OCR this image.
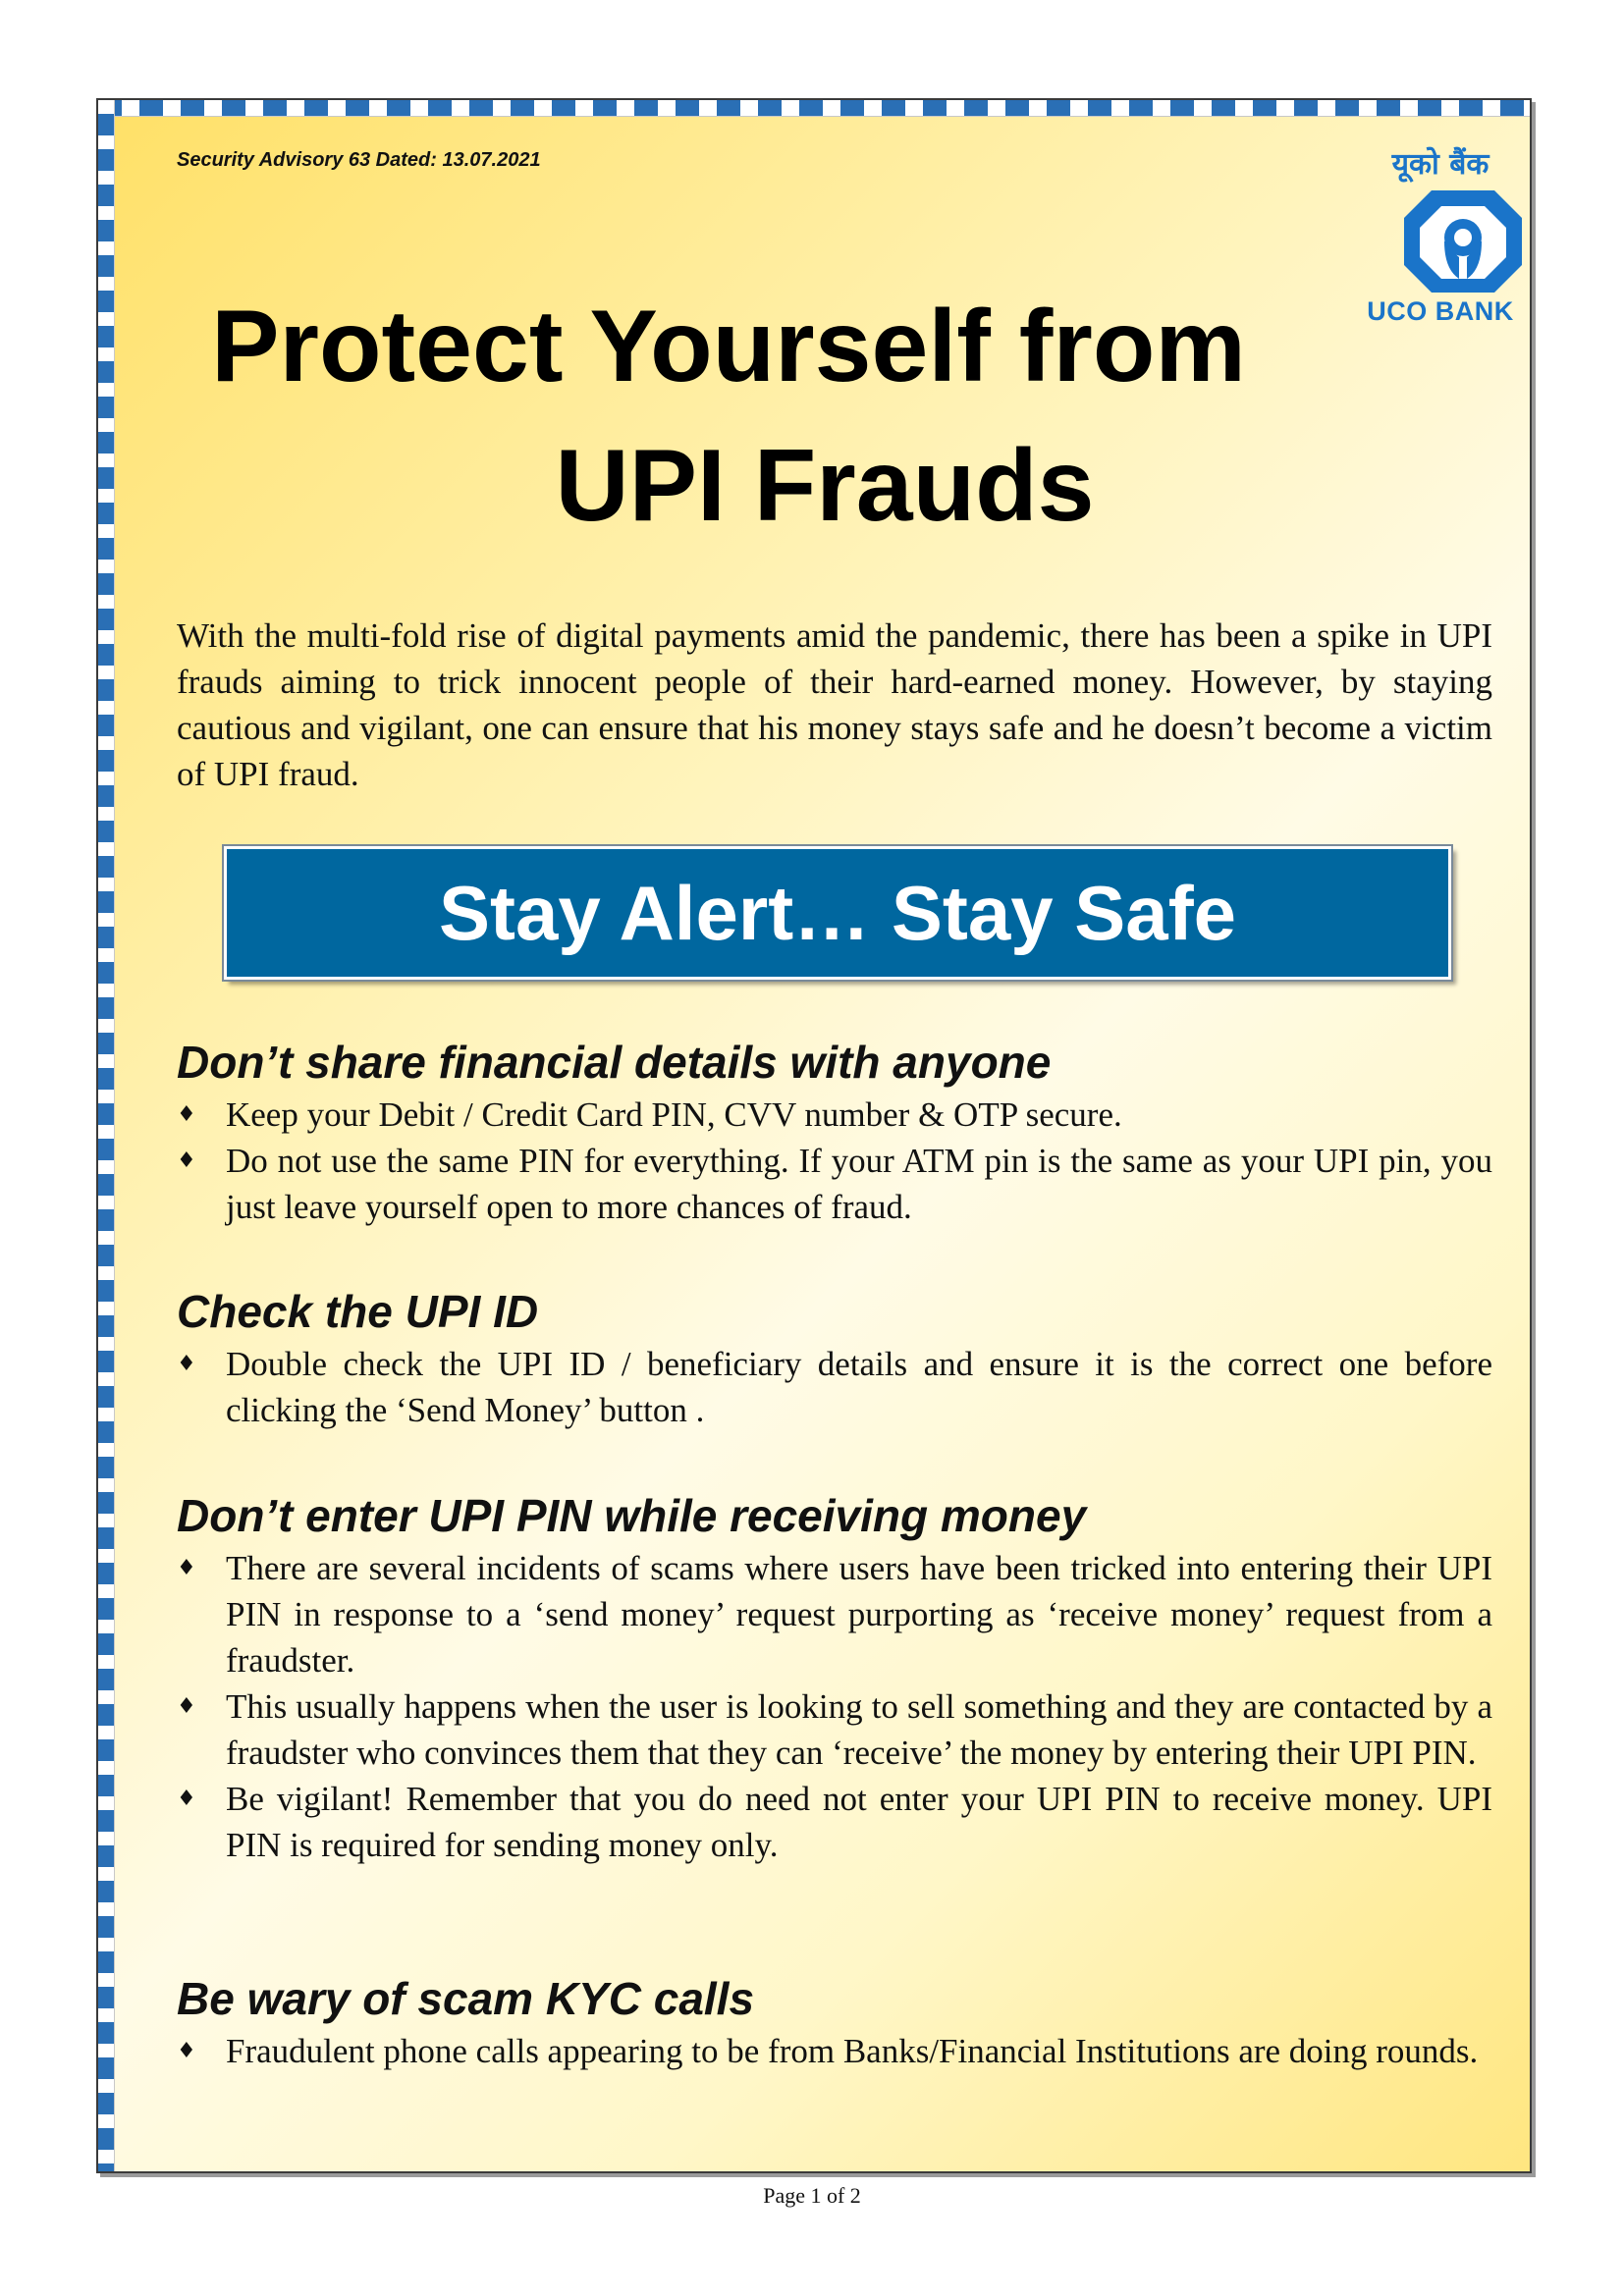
Security Advisory 63 Dated: 13.07.2021	यूको बैंक
UCO BANK
Protect Yourself from
UPI Frauds

With the multi-fold rise of digital payments amid the pandemic, there has been a spike in UPI frauds aiming to trick innocent people of their hard-earned money. However, by staying cautious and vigilant, one can ensure that his money stays safe and he doesn’t become a victim of UPI fraud.

Stay Alert… Stay Safe
Don’t share financial details with anyone
♦ Keep your Debit / Credit Card PIN, CVV number & OTP secure.
♦ Do not use the same PIN for everything. If your ATM pin is the same as your UPI pin, you just leave yourself open to more chances of fraud.
Check the UPI ID
♦ Double check the UPI ID / beneficiary details and ensure it is the correct one before clicking the ‘Send Money’ button .
Don’t enter UPI PIN while receiving money
♦ There are several incidents of scams where users have been tricked into entering their UPI PIN in response to a ‘send money’ request purporting as ‘receive money’ request from a fraudster.
♦ This usually happens when the user is looking to sell something and they are contacted by a fraudster who convinces them that they can ‘receive’ the money by entering their UPI PIN.
♦ Be vigilant! Remember that you do need not enter your UPI PIN to receive money. UPI PIN is required for sending money only.
Be wary of scam KYC calls
♦ Fraudulent phone calls appearing to be from Banks/Financial Institutions are doing rounds.
Page 1 of 2
